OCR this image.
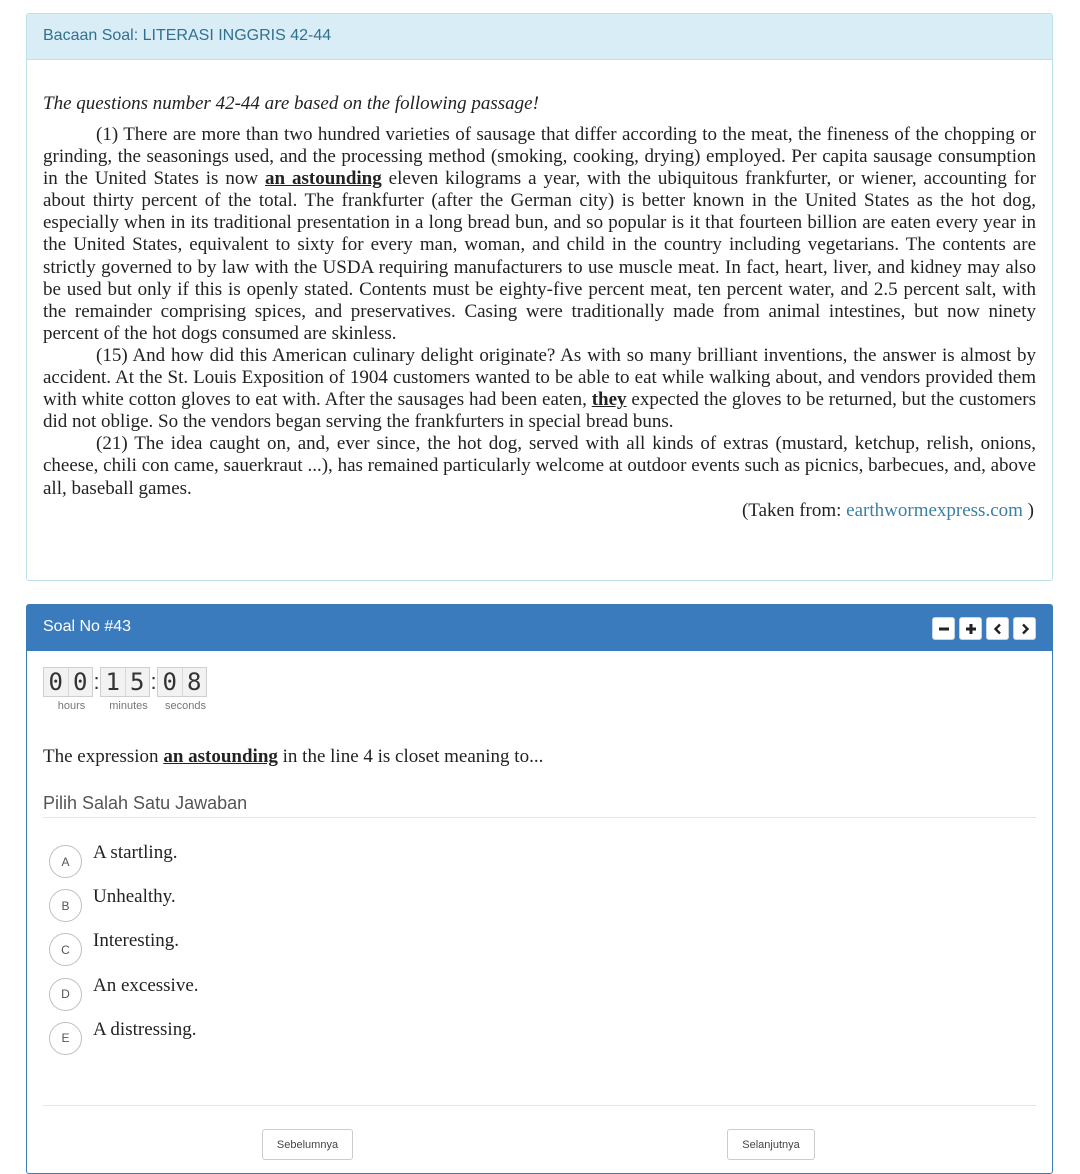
Bacaan Soal: LITERASI INGGRIS 42-44

The questions number 42-44 are based on the following passage!

(1) There are more than two hundred varieties of sausage that differ according to the meat, the fineness of the chopping or grinding, the seasonings used, and the processing method (smoking, cooking, drying) employed. Per capita sausage consumption in the United States is now an astounding eleven kilograms a year, with the ubiquitous frankfurter, or wiener, accounting for about thirty percent of the total. The frankfurter (after the German city) is better known in the United States as the hot dog, especially when in its traditional presentation in a long bread bun, and so popular is it that fourteen billion are eaten every year in the United States, equivalent to sixty for every man, woman, and child in the country including vegetarians. The contents are strictly governed to by law with the USDA requiring manufacturers to use muscle meat. In fact, heart, liver, and kidney may also be used but only if this is openly stated. Contents must be eighty-five percent meat, ten percent water, and 2.5 percent salt, with the remainder comprising spices, and preservatives. Casing were traditionally made from animal intestines, but now ninety percent of the hot dogs consumed are skinless.

(15) And how did this American culinary delight originate? As with so many brilliant inventions, the answer is almost by accident. At the St. Louis Exposition of 1904 customers wanted to be able to eat while walking about, and vendors provided them with white cotton gloves to eat with. After the sausages had been eaten, they expected the gloves to be returned, but the customers did not oblige. So the vendors began serving the frankfurters in special bread buns.

(21) The idea caught on, and, ever since, the hot dog, served with all kinds of extras (mustard, ketchup, relish, onions, cheese, chili con came, sauerkraut ...), has remained particularly welcome at outdoor events such as picnics, barbecues, and, above all, baseball games.

(Taken from: earthwormexpress.com )
Soal No #43
0 0 : 1 5 : 0 8
hours	minutes	seconds
The expression an astounding in the line 4 is closet meaning to...
Pilih Salah Satu Jawaban
A	A startling.
B	Unhealthy.
C	Interesting.
D	An excessive.
E	A distressing.
Sebelumnya	Selanjutnya
